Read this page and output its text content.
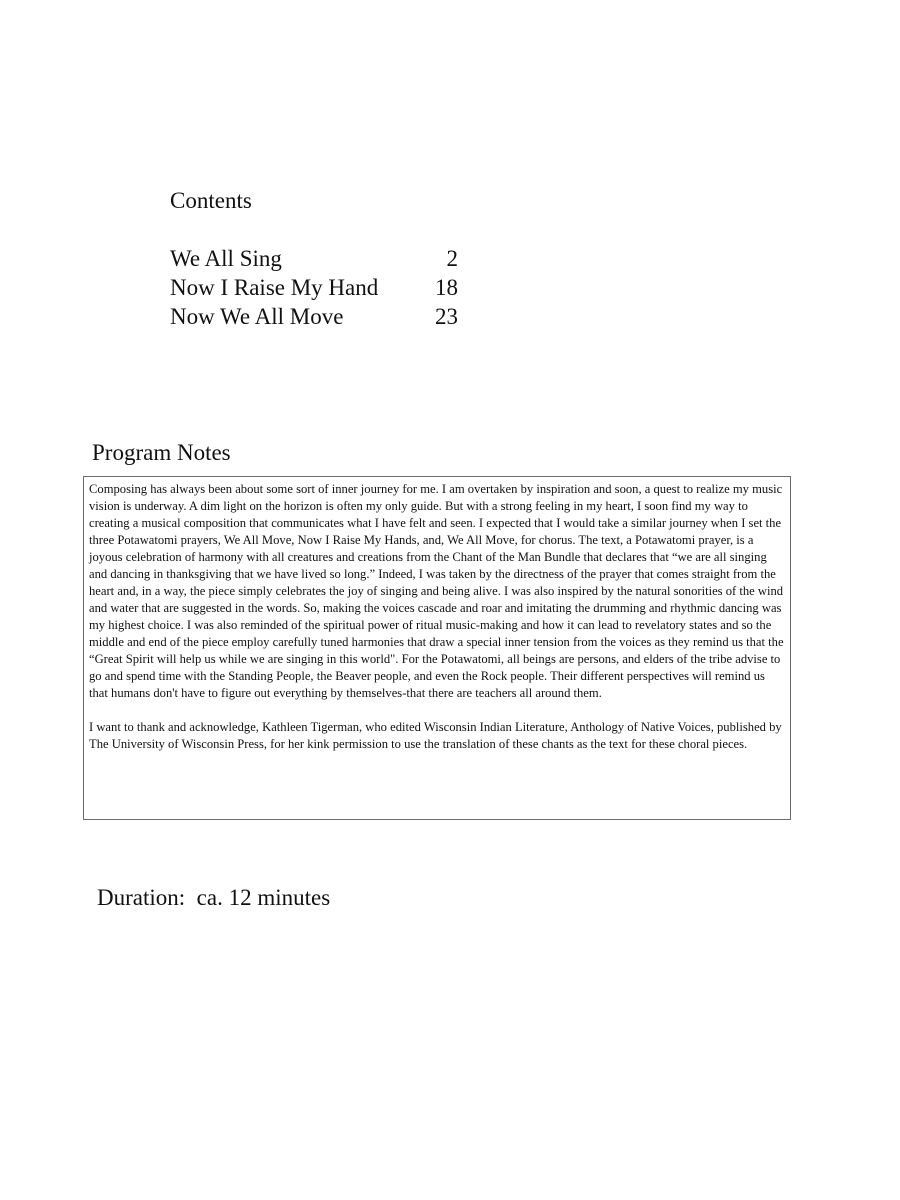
Contents
We All Sing	2
Now I Raise My Hand 18
Now We All Move	23
Program Notes

Composing has always been about some sort of inner journey for me. I am overtaken by inspiration and soon, a quest to realize my music vision is underway. A dim light on the horizon is often my only guide. But with a strong feeling in my heart, I soon find my way to creating a musical composition that communicates what I have felt and seen. I expected that I would take a similar journey when I set the three Potawatomi prayers, We All Move, Now I Raise My Hands, and, We All Move, for chorus. The text, a Potawatomi prayer, is a joyous celebration of harmony with all creatures and creations from the Chant of the Man Bundle that declares that “we are all singing and dancing in thanksgiving that we have lived so long.” Indeed, I was taken by the directness of the prayer that comes straight from the heart and, in a way, the piece simply celebrates the joy of singing and being alive. I was also inspired by the natural sonorities of the wind and water that are suggested in the words. So, making the voices cascade and roar and imitating the drumming and rhythmic dancing was my highest choice. I was also reminded of the spiritual power of ritual music-making and how it can lead to revelatory states and so the middle and end of the piece employ carefully tuned harmonies that draw a special inner tension from the voices as they remind us that the “Great Spirit will help us while we are singing in this world". For the Potawatomi, all beings are persons, and elders of the tribe advise to go and spend time with the Standing People, the Beaver people, and even the Rock people. Their different perspectives will remind us that humans don't have to figure out everything by themselves-that there are teachers all around them.

I want to thank and acknowledge, Kathleen Tigerman, who edited Wisconsin Indian Literature, Anthology of Native Voices, published by The University of Wisconsin Press, for her kink permission to use the translation of these chants as the text for these choral pieces.

Duration:  ca. 12 minutes
